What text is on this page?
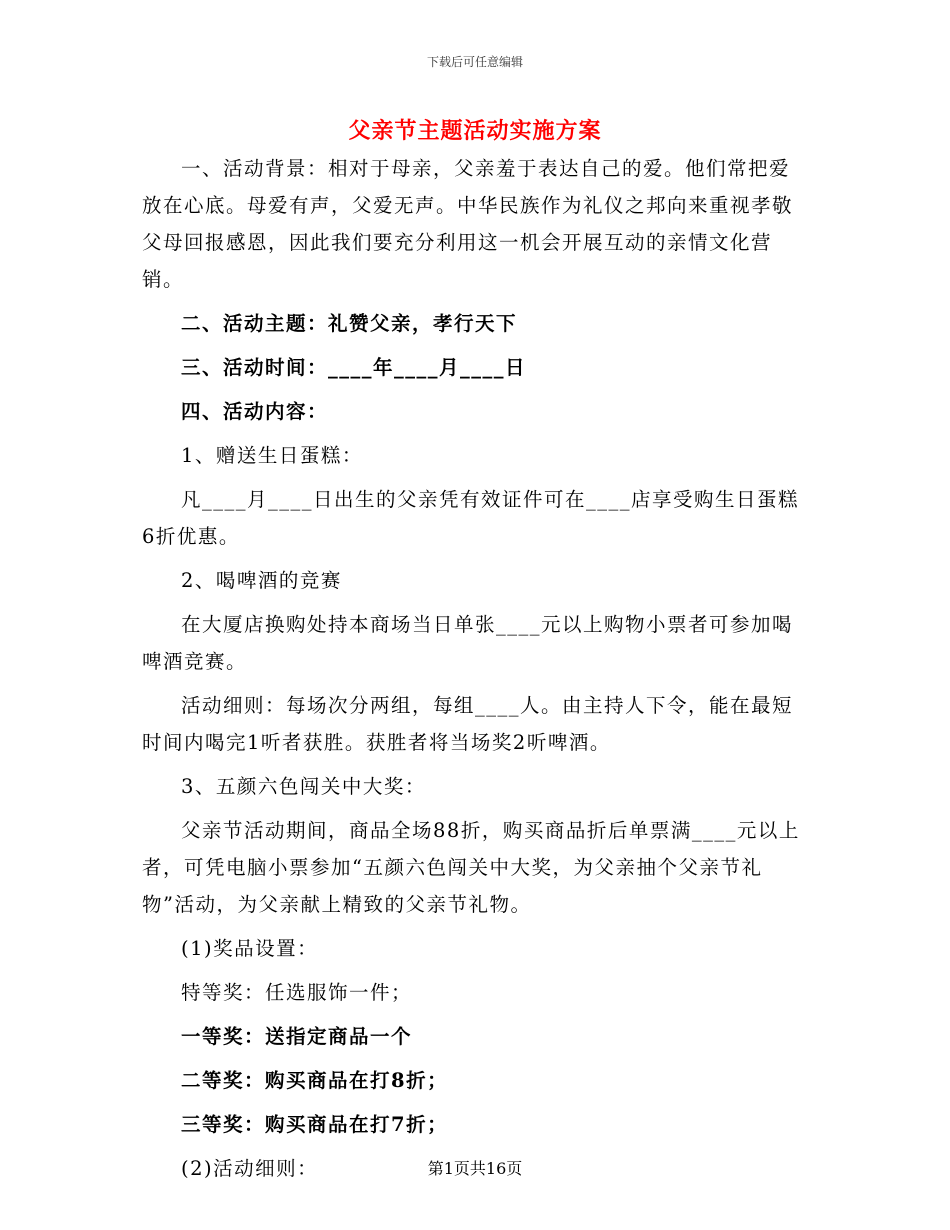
下载后可任意编辑
父亲节主题活动实施方案

一、活动背景：相对于母亲，父亲羞于表达自己的爱。他们常把爱放在心底。母爱有声，父爱无声。中华民族作为礼仪之邦向来重视孝敬父母回报感恩，因此我们要充分利用这一机会开展互动的亲情文化营销。

二、活动主题：礼赞父亲，孝行天下

三、活动时间：____年____月____日

四、活动内容：

1、赠送生日蛋糕：

凡____月____日出生的父亲凭有效证件可在____店享受购生日蛋糕6折优惠。

2、喝啤酒的竞赛

在大厦店换购处持本商场当日单张____元以上购物小票者可参加喝啤酒竞赛。

活动细则：每场次分两组，每组____人。由主持人下令，能在最短时间内喝完1听者获胜。获胜者将当场奖2听啤酒。

3、五颜六色闯关中大奖：

父亲节活动期间，商品全场88折，购买商品折后单票满____元以上者，可凭电脑小票参加“五颜六色闯关中大奖，为父亲抽个父亲节礼物”活动，为父亲献上精致的父亲节礼物。

(1)奖品设置：

特等奖：任选服饰一件；

一等奖：送指定商品一个

二等奖：购买商品在打8折；

三等奖：购买商品在打7折；

(2)活动细则：	第1页共16页
